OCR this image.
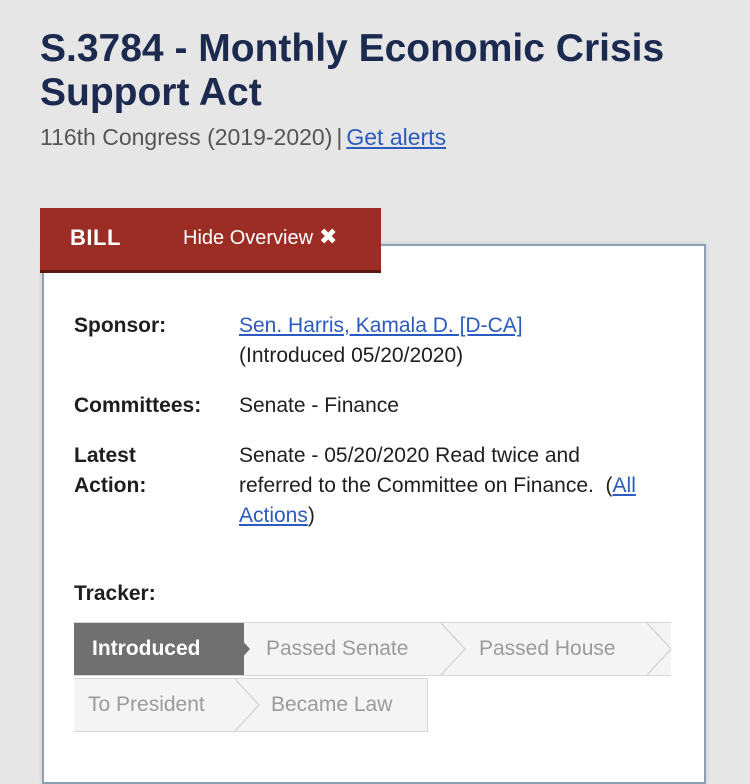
S.3784 - Monthly Economic Crisis Support Act
116th Congress (2019-2020) | Get alerts
BILL	Hide Overview ✖
Sponsor:	Sen. Harris, Kamala D. [D-CA]
(Introduced 05/20/2020)
Committees: Senate - Finance
Latest
Action:
Senate - 05/20/2020 Read twice and referred to the Committee on Finance. (All Actions)
Tracker:
Introduced	Passed Senate	Passed House
To President	Became Law
